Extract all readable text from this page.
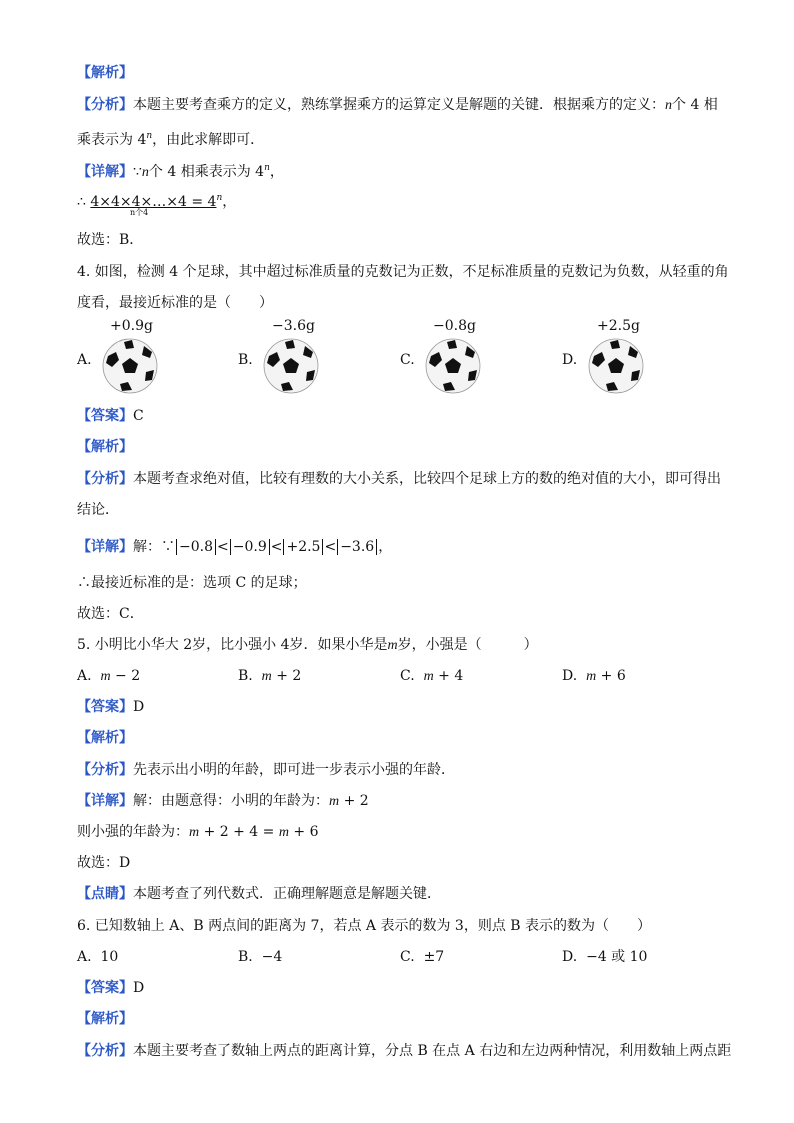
【解析】
【分析】本题主要考查乘方的定义，熟练掌握乘方的运算定义是解题的关键．根据乘方的定义：n个 4 相
乘表示为 4$^n$，由此求解即可．
【详解】∵n个 4 相乘表示为 4$^n$，
∴ 4×4×4×…×4 = $4^n$，
n个4
故选：B．
4. 如图，检测 4 个足球，其中超过标准质量的克数记为正数，不足标准质量的克数记为负数，从轻重的角
度看，最接近标准的是（　　）
+0.9g
A.
−3.6g
B.
−0.8g
C.
+2.5g
D.
【答案】C
【解析】
【分析】本题考查求绝对值，比较有理数的大小关系，比较四个足球上方的数的绝对值的大小，即可得出
结论．
【详解】解：∵ −0.8 < −0.9 < +2.5 < −3.6 ，
∴最接近标准的是：选项 C 的足球；
故选：C．
5. 小明比小华大 2岁，比小强小 4岁．如果小华是m岁，小强是（　　　）
A. m − 2	B. m + 2	C. m + 4	D. m + 6
【答案】D
【解析】
【分析】先表示出小明的年龄，即可进一步表示小强的年龄．
【详解】解：由题意得：小明的年龄为：m + 2
则小强的年龄为：m + 2 + 4 = m + 6
故选：D
【点睛】本题考查了列代数式．正确理解题意是解题关键．
6. 已知数轴上 A、B 两点间的距离为 7，若点 A 表示的数为 3，则点 B 表示的数为（　　）
A. 10	B. −4	C. ±7	D. −4 或 10
【答案】D
【解析】
【分析】本题主要考查了数轴上两点的距离计算，分点 B 在点 A 右边和左边两种情况，利用数轴上两点距
